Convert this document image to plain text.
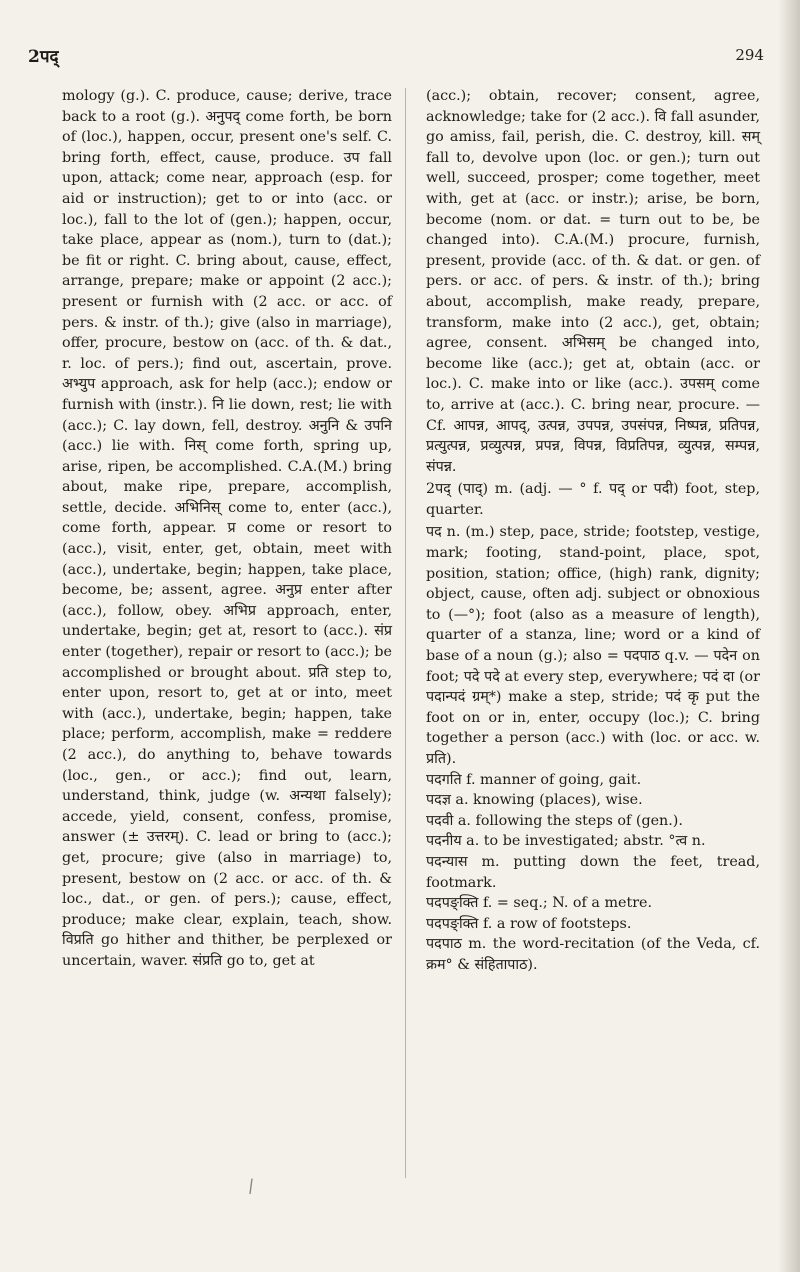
2पद्	294

mology (g.). C. produce, cause; derive, trace back to a root (g.). अनुपद् come forth, be born of (loc.), happen, occur, present one's self. C. bring forth, effect, cause, produce. उप fall upon, attack; come near, approach (esp. for aid or instruction); get to or into (acc. or loc.), fall to the lot of (gen.); happen, occur, take place, appear as (nom.), turn to (dat.); be fit or right. C. bring about, cause, effect, arrange, prepare; make or appoint (2 acc.); present or furnish with (2 acc. or acc. of pers. & instr. of th.); give (also in marriage), offer, procure, bestow on (acc. of th. & dat., r. loc. of pers.); find out, ascertain, prove. अभ्युप approach, ask for help (acc.); endow or furnish with (instr.). नि lie down, rest; lie with (acc.); C. lay down, fell, destroy. अनुनि & उपनि (acc.) lie with. निस् come forth, spring up, arise, ripen, be accomplished. C.A.(M.) bring about, make ripe, prepare, accomplish, settle, decide. अभिनिस् come to, enter (acc.), come forth, appear. प्र come or resort to (acc.), visit, enter, get, obtain, meet with (acc.), undertake, begin; happen, take place, become, be; assent, agree. अनुप्र enter after (acc.), follow, obey. अभिप्र approach, enter, undertake, begin; get at, resort to (acc.). संप्र enter (together), repair or resort to (acc.); be accomplished or brought about. प्रति step to, enter upon, resort to, get at or into, meet with (acc.), undertake, begin; happen, take place; perform, accomplish, make = reddere (2 acc.), do anything to, behave towards (loc., gen., or acc.); find out, learn, understand, think, judge (w. अन्यथा falsely); accede, yield, consent, confess, promise, answer (± उत्तरम्). C. lead or bring to (acc.); get, procure; give (also in marriage) to, present, bestow on (2 acc. or acc. of th. & loc., dat., or gen. of pers.); cause, effect, produce; make clear, explain, teach, show. विप्रति go hither and thither, be perplexed or uncertain, waver. संप्रति go to, get at

(acc.); obtain, recover; consent, agree, acknowledge; take for (2 acc.). वि fall asunder, go amiss, fail, perish, die. C. destroy, kill. सम् fall to, devolve upon (loc. or gen.); turn out well, succeed, prosper; come together, meet with, get at (acc. or instr.); arise, be born, become (nom. or dat. = turn out to be, be changed into). C.A.(M.) procure, furnish, present, provide (acc. of th. & dat. or gen. of pers. or acc. of pers. & instr. of th.); bring about, accomplish, make ready, prepare, transform, make into (2 acc.), get, obtain; agree, consent. अभिसम् be changed into, become like (acc.); get at, obtain (acc. or loc.). C. make into or like (acc.). उपसम् come to, arrive at (acc.). C. bring near, procure. — Cf. आपन्न, आपद्, उत्पन्न, उपपन्न, उपसंपन्न, निष्पन्न, प्रतिपन्न, प्रत्युत्पन्न, प्रव्युत्पन्न, प्रपन्न, विपन्न, विप्रतिपन्न, व्युत्पन्न, सम्पन्न, संपन्न.

2पद् (पाद्) m. (adj. — ° f. पद् or पदी) foot, step, quarter.

पद n. (m.) step, pace, stride; footstep, vestige, mark; footing, stand-point, place, spot, position, station; office, (high) rank, dignity; object, cause, often adj. subject or obnoxious to (—°); foot (also as a measure of length), quarter of a stanza, line; word or a kind of base of a noun (g.); also = पदपाठ q.v. — पदेन on foot; पदे पदे at every step, everywhere; पदं दा (or पदान्पदं ग्रम्*) make a step, stride; पदं कृ put the foot on or in, enter, occupy (loc.); C. bring together a person (acc.) with (loc. or acc. w. प्रति).

पदगति f. manner of going, gait.

पदज्ञ a. knowing (places), wise.

पदवी a. following the steps of (gen.).

पदनीय a. to be investigated; abstr. °त्व n.

पदन्यास m. putting down the feet, tread, footmark.

पदपङ्क्ति f. = seq.; N. of a metre.

पदपङ्क्ति f. a row of footsteps.

पदपाठ m. the word-recitation (of the Veda, cf. क्रम° & संहितापाठ).

/
